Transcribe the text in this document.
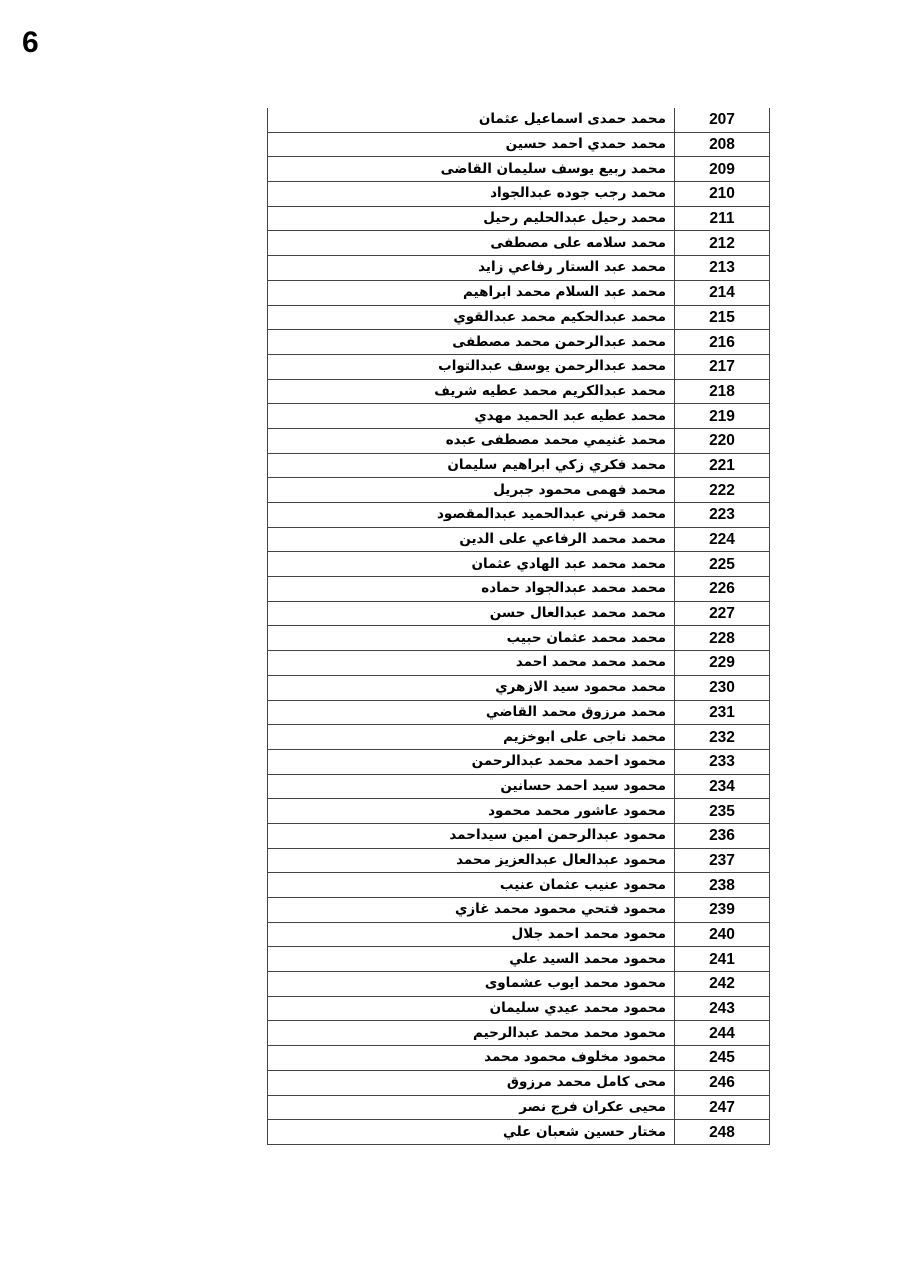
6
محمد حمدى اسماعيل عثمان	207
محمد حمدي احمد حسين	208
محمد ربيع يوسف سليمان القاضى	209
محمد رجب جوده عبدالجواد	210
محمد رحيل عبدالحليم رحيل	211
محمد سلامه على مصطفى	212
محمد عبد الستار رفاعي زايد	213
محمد عبد السلام محمد ابراهيم	214
محمد عبدالحكيم محمد عبدالقوي	215
محمد عبدالرحمن محمد مصطفى	216
محمد عبدالرحمن يوسف عبدالتواب	217
محمد عبدالكريم محمد عطيه شريف	218
محمد عطيه عبد الحميد مهدي	219
محمد غنيمي محمد مصطفى عبده	220
محمد فكري زكي ابراهيم سليمان	221
محمد فهمى محمود جبريل	222
محمد قرني عبدالحميد عبدالمقصود	223
محمد محمد الرفاعي على الدين	224
محمد محمد عبد الهادي عثمان	225
محمد محمد عبدالجواد حماده	226
محمد محمد عبدالعال حسن	227
محمد محمد عثمان حبيب	228
محمد محمد محمد احمد	229
محمد محمود سيد الازهري	230
محمد مرزوق محمد القاضي	231
محمد ناجى على ابوخزيم	232
محمود احمد محمد عبدالرحمن	233
محمود سيد احمد حسانين	234
محمود عاشور محمد محمود	235
محمود عبدالرحمن امين سيداحمد	236
محمود عبدالعال عبدالعزيز محمد	237
محمود عنيب عثمان عنيب	238
محمود فتحي محمود محمد غازي	239
محمود محمد احمد جلال	240
محمود محمد السيد علي	241
محمود محمد ايوب عشماوى	242
محمود محمد عيدي سليمان	243
محمود محمد محمد عبدالرحيم	244
محمود مخلوف محمود محمد	245
محى كامل محمد مرزوق	246
محيى عكران فرج نصر	247
مختار حسين شعبان علي	248
